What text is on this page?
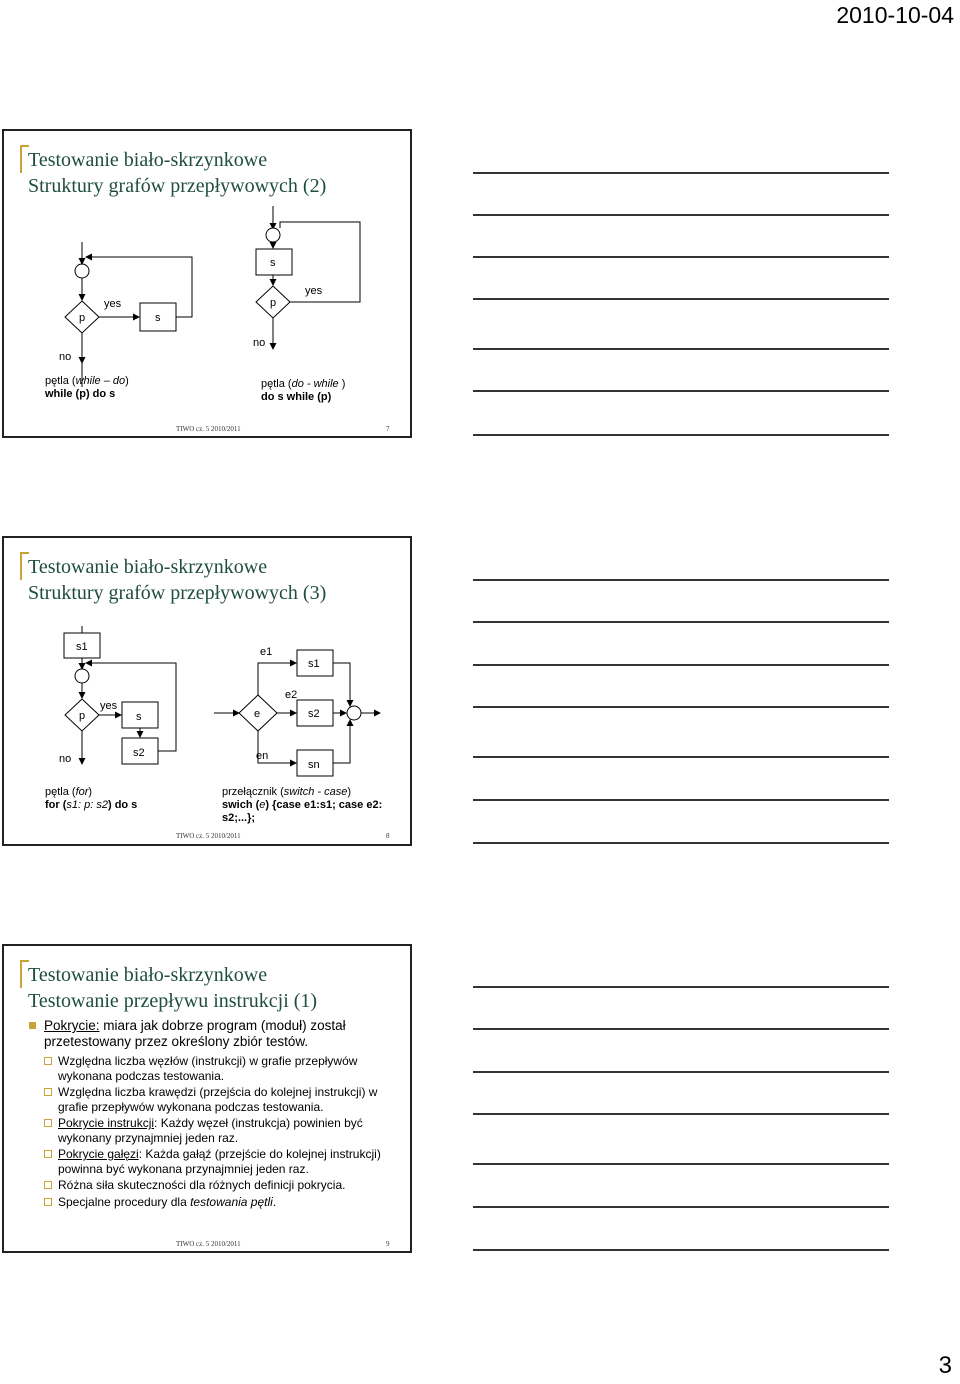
2010-10-04
Testowanie biało-skrzynkowe
Struktury grafów przepływowych (2)
p
yes
s
no
s
p
yes
no
pętla (while – do)
while (p) do s
pętla (do - while )
do s while (p)
TIWO cz. 5 2010/2011	7
Testowanie biało-skrzynkowe
Struktury grafów przepływowych (3)
s1
p
yes
s
s2
no
e
e1
s1
e2
s2
en
sn
pętla (for)
for (s1: p: s2) do s
przełącznik (switch - case)
swich (e) {case e1:s1; case e2: s2;...};
TIWO cz. 5 2010/2011	8
Testowanie biało-skrzynkowe
Testowanie przepływu instrukcji (1)
Pokrycie: miara jak dobrze program (moduł) został przetestowany przez określony zbiór testów.
Względna liczba węzłów (instrukcji) w grafie przepływów wykonana podczas testowania.
Względna liczba krawędzi (przejścia do kolejnej instrukcji) w grafie przepływów wykonana podczas testowania.
Pokrycie instrukcji: Każdy węzeł (instrukcja) powinien być wykonany przynajmniej jeden raz.
Pokrycie gałęzi: Każda gałąź (przejście do kolejnej instrukcji) powinna być wykonana przynajmniej jeden raz.
Różna siła skuteczności dla różnych definicji pokrycia.
Specjalne procedury dla testowania pętli.
TIWO cz. 5 2010/2011	9
3
